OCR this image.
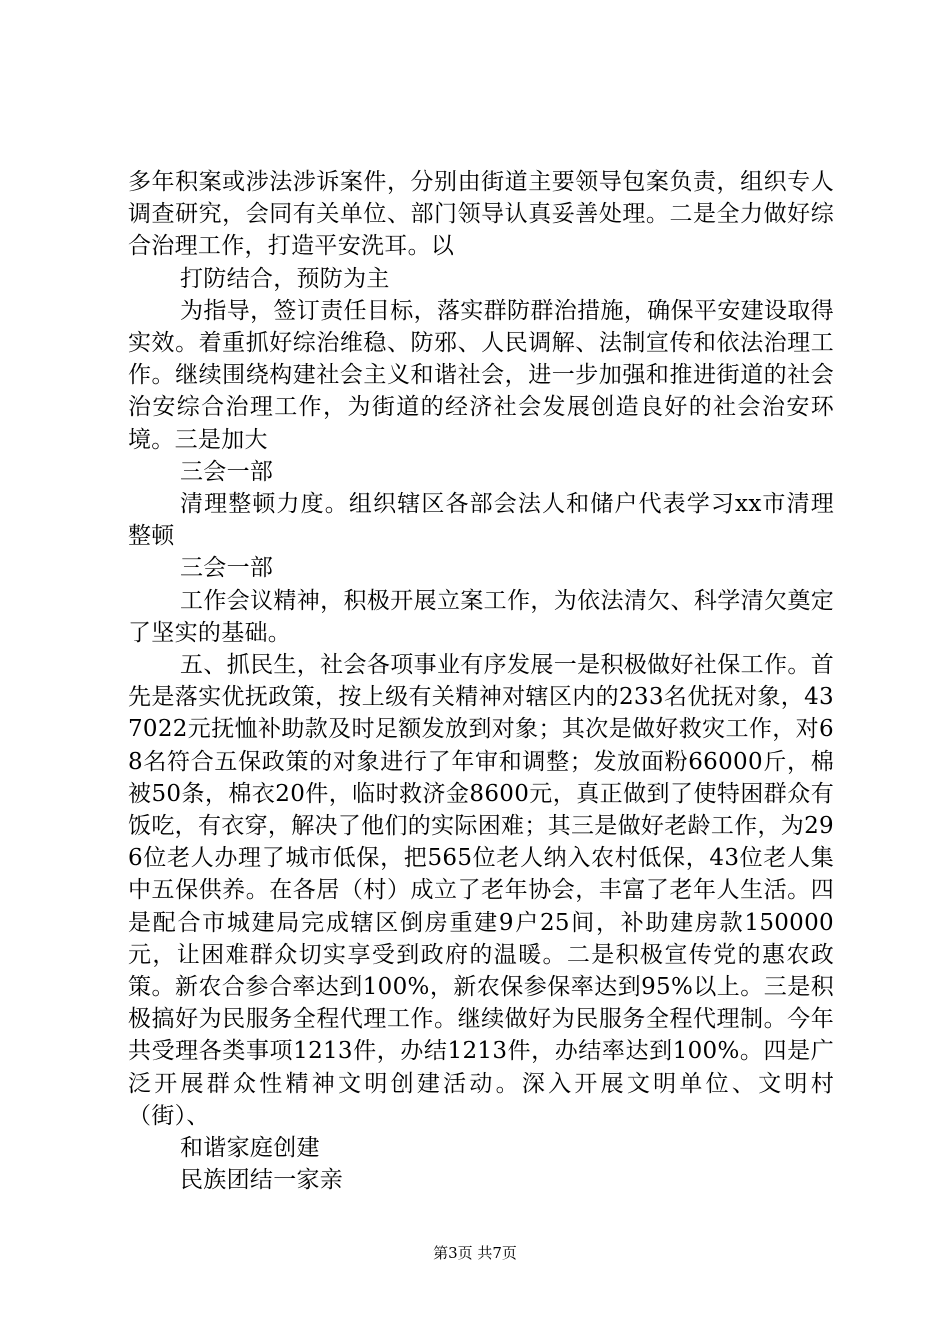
多年积案或涉法涉诉案件，分别由街道主要领导包案负责，组织专人调查研究，会同有关单位、部门领导认真妥善处理。二是全力做好综合治理工作，打造平安洗耳。以

打防结合，预防为主

为指导，签订责任目标，落实群防群治措施，确保平安建设取得实效。着重抓好综治维稳、防邪、人民调解、法制宣传和依法治理工作。继续围绕构建社会主义和谐社会，进一步加强和推进街道的社会治安综合治理工作，为街道的经济社会发展创造良好的社会治安环境。三是加大

三会一部

清理整顿力度。组织辖区各部会法人和储户代表学习xx市清理整顿

三会一部

工作会议精神，积极开展立案工作，为依法清欠、科学清欠奠定了坚实的基础。

五、抓民生，社会各项事业有序发展一是积极做好社保工作。首先是落实优抚政策，按上级有关精神对辖区内的233名优抚对象，437022元抚恤补助款及时足额发放到对象；其次是做好救灾工作，对68名符合五保政策的对象进行了年审和调整；发放面粉66000斤，棉被50条，棉衣20件，临时救济金8600元，真正做到了使特困群众有饭吃，有衣穿，解决了他们的实际困难；其三是做好老龄工作，为296位老人办理了城市低保，把565位老人纳入农村低保，43位老人集中五保供养。在各居（村）成立了老年协会，丰富了老年人生活。四是配合市城建局完成辖区倒房重建9户25间，补助建房款150000元，让困难群众切实享受到政府的温暖。二是积极宣传党的惠农政策。新农合参合率达到100%，新农保参保率达到95%以上。三是积极搞好为民服务全程代理工作。继续做好为民服务全程代理制。今年共受理各类事项1213件，办结1213件，办结率达到100%。四是广泛开展群众性精神文明创建活动。深入开展文明单位、文明村（街）、

和谐家庭创建

民族团结一家亲

第3页 共7页
